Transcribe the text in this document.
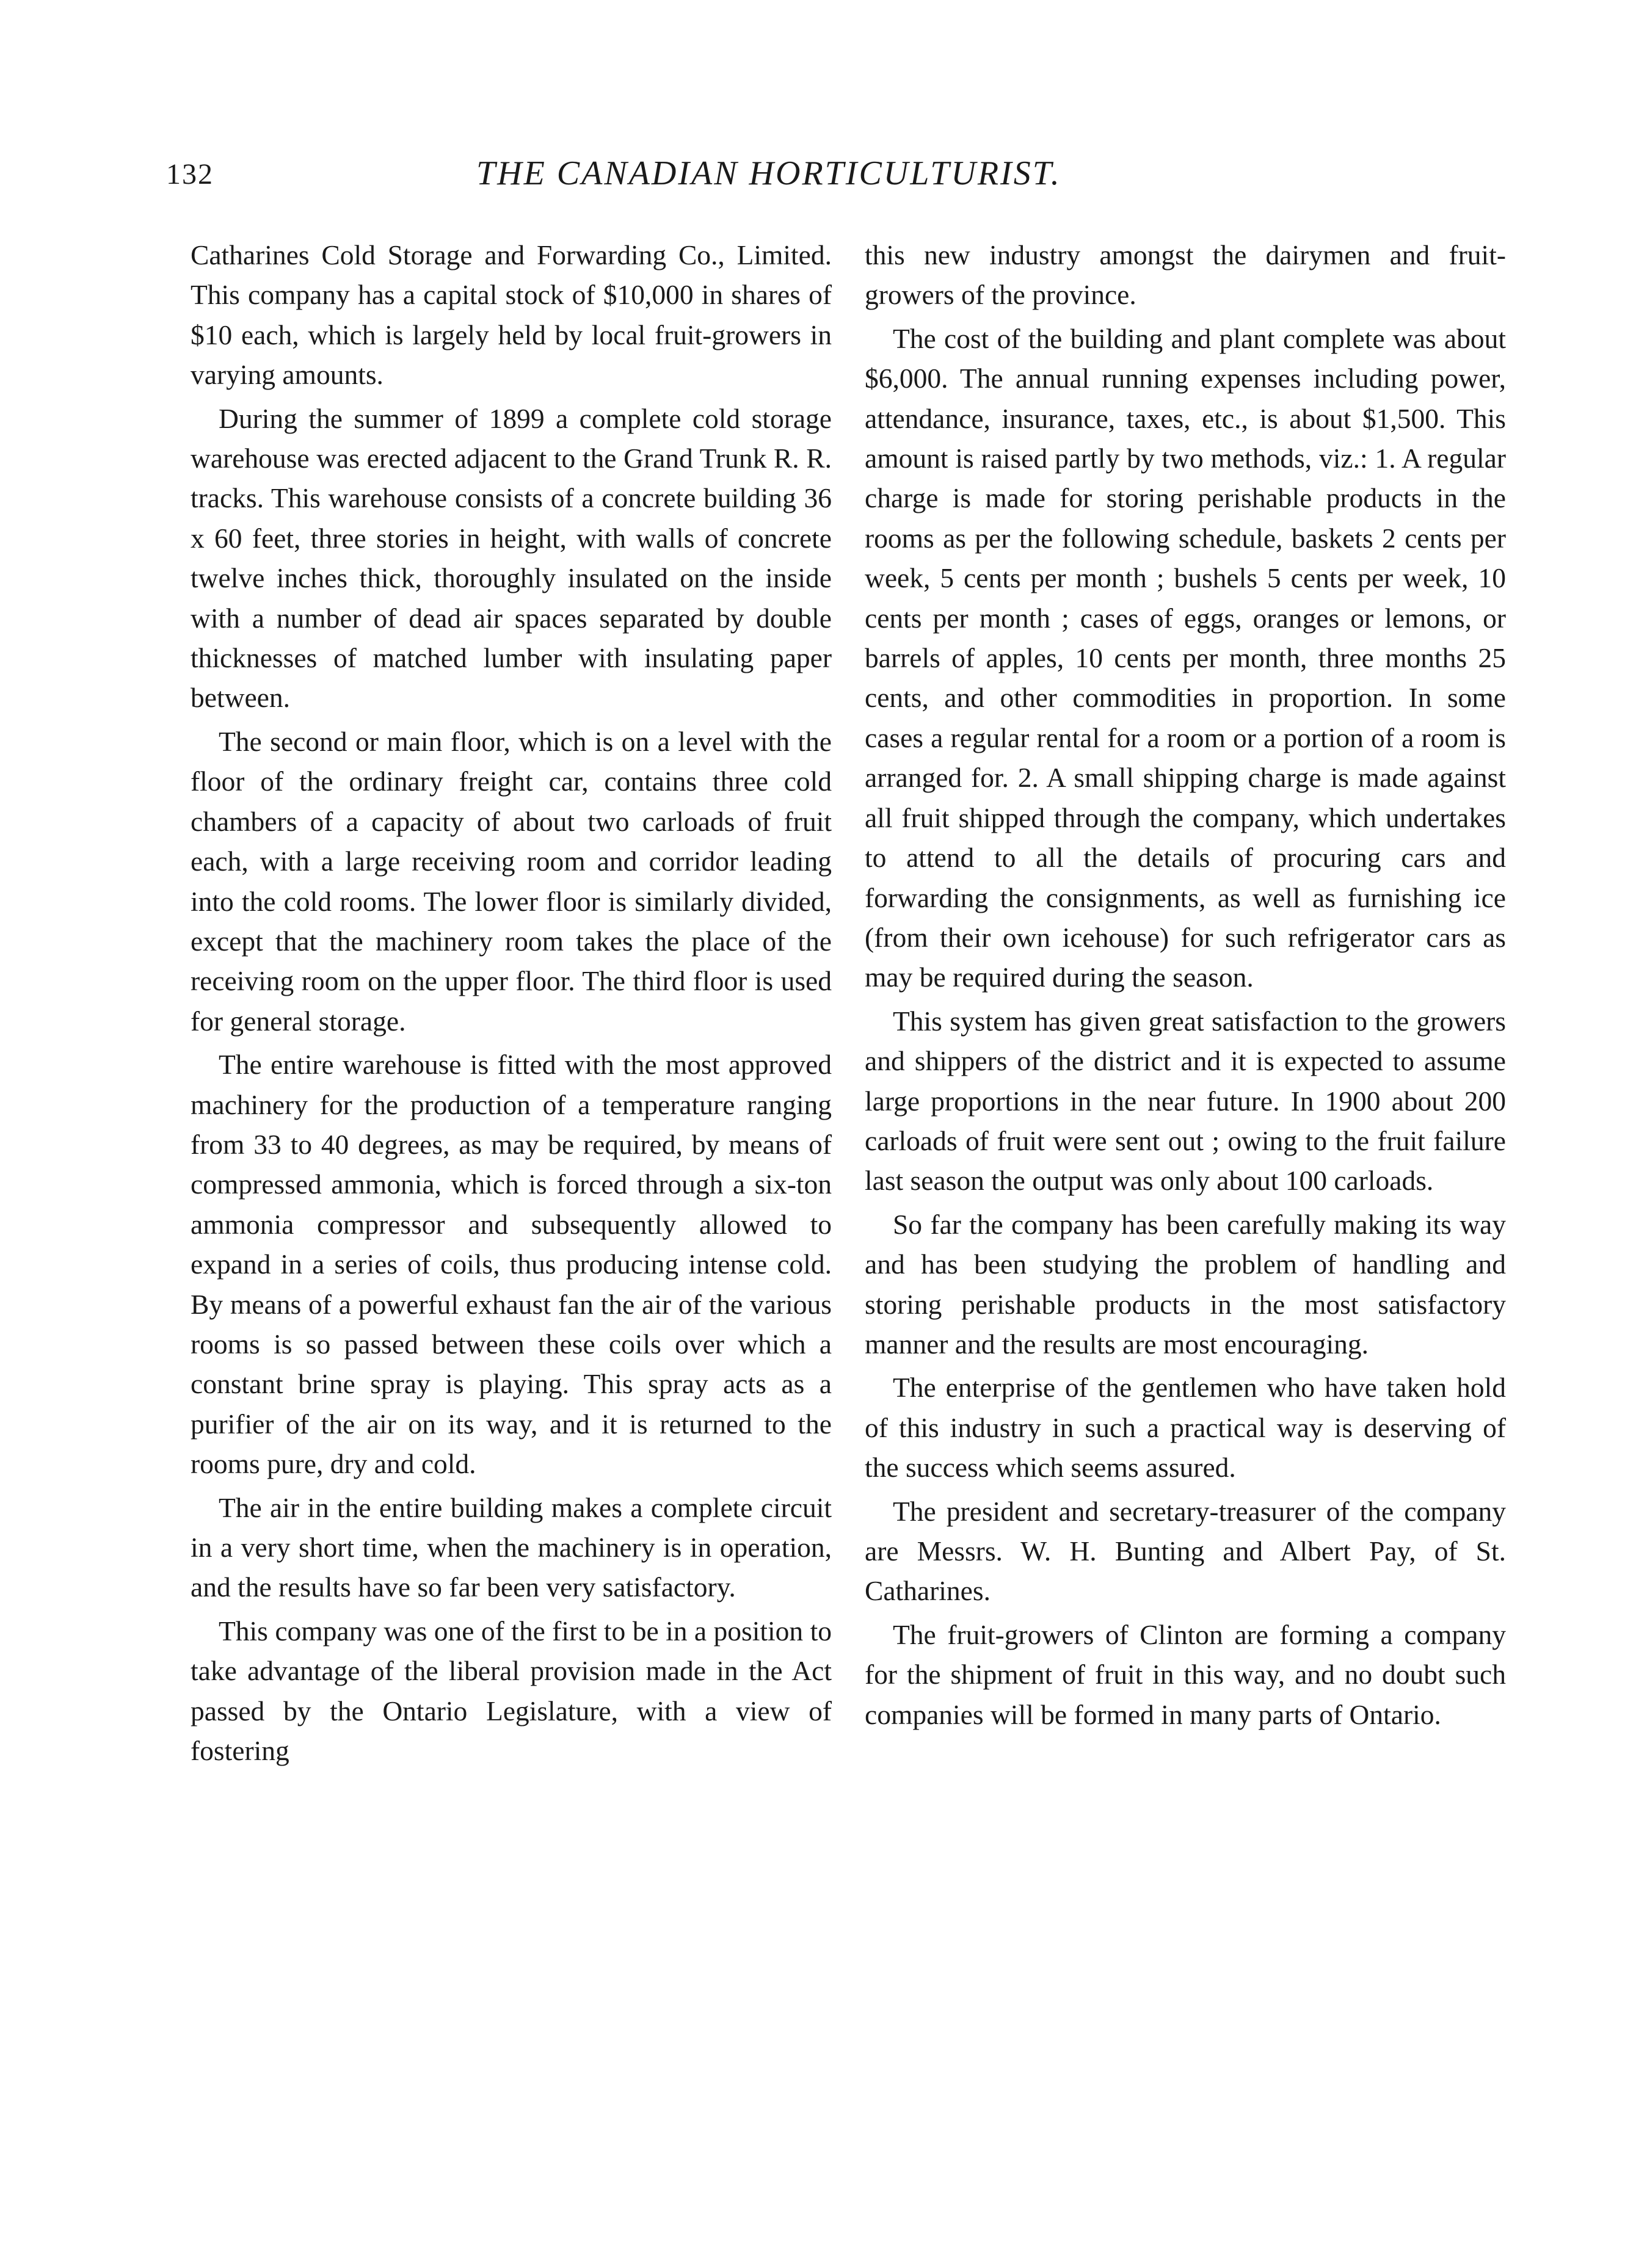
132	THE CANADIAN HORTICULTURIST.

Catharines Cold Storage and Forwarding Co., Limited. This company has a capital stock of $10,000 in shares of $10 each, which is largely held by local fruit-growers in varying amounts.

During the summer of 1899 a complete cold storage warehouse was erected adjacent to the Grand Trunk R. R. tracks. This warehouse consists of a concrete building 36 x 60 feet, three stories in height, with walls of concrete twelve inches thick, thoroughly insulated on the inside with a number of dead air spaces separated by double thicknesses of matched lumber with insulating paper between.

The second or main floor, which is on a level with the floor of the ordinary freight car, contains three cold chambers of a capacity of about two carloads of fruit each, with a large receiving room and corridor leading into the cold rooms. The lower floor is similarly divided, except that the machinery room takes the place of the receiving room on the upper floor. The third floor is used for general storage.

The entire warehouse is fitted with the most approved machinery for the production of a temperature ranging from 33 to 40 degrees, as may be required, by means of compressed ammonia, which is forced through a six-ton ammonia compressor and subsequently allowed to expand in a series of coils, thus producing intense cold. By means of a powerful exhaust fan the air of the various rooms is so passed between these coils over which a constant brine spray is playing. This spray acts as a purifier of the air on its way, and it is returned to the rooms pure, dry and cold.

The air in the entire building makes a complete circuit in a very short time, when the machinery is in operation, and the results have so far been very satisfactory.

This company was one of the first to be in a position to take advantage of the liberal provision made in the Act passed by the Ontario Legislature, with a view of fostering

this new industry amongst the dairymen and fruit-growers of the province.

The cost of the building and plant complete was about $6,000. The annual running expenses including power, attendance, insurance, taxes, etc., is about $1,500. This amount is raised partly by two methods, viz.: 1. A regular charge is made for storing perishable products in the rooms as per the following schedule, baskets 2 cents per week, 5 cents per month ; bushels 5 cents per week, 10 cents per month ; cases of eggs, oranges or lemons, or barrels of apples, 10 cents per month, three months 25 cents, and other commodities in proportion. In some cases a regular rental for a room or a portion of a room is arranged for. 2. A small shipping charge is made against all fruit shipped through the company, which undertakes to attend to all the details of procuring cars and forwarding the consignments, as well as furnishing ice (from their own icehouse) for such refrigerator cars as may be required during the season.

This system has given great satisfaction to the growers and shippers of the district and it is expected to assume large proportions in the near future. In 1900 about 200 carloads of fruit were sent out ; owing to the fruit failure last season the output was only about 100 carloads.

So far the company has been carefully making its way and has been studying the problem of handling and storing perishable products in the most satisfactory manner and the results are most encouraging.

The enterprise of the gentlemen who have taken hold of this industry in such a practical way is deserving of the success which seems assured.

The president and secretary-treasurer of the company are Messrs. W. H. Bunting and Albert Pay, of St. Catharines.

The fruit-growers of Clinton are forming a company for the shipment of fruit in this way, and no doubt such companies will be formed in many parts of Ontario.
